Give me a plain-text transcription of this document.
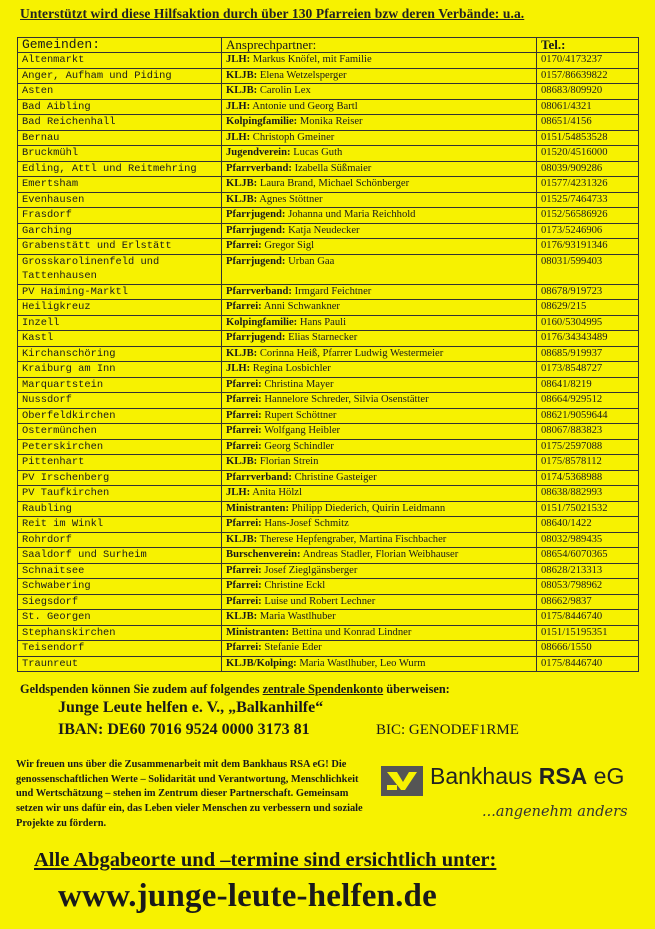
Unterstützt wird diese Hilfsaktion durch über 130 Pfarreien bzw deren Verbände: u.a.
Gemeinden:	Ansprechpartner:	Tel.:
Altenmarkt	JLH: Markus Knöfel, mit Familie	0170/4173237
Anger, Aufham und Piding	KLJB: Elena Wetzelsperger	0157/86639822
Asten	KLJB: Carolin Lex	08683/809920
Bad Aibling	JLH: Antonie und Georg Bartl	08061/4321
Bad Reichenhall	Kolpingfamilie: Monika Reiser	08651/4156
Bernau	JLH: Christoph Gmeiner	0151/54853528
Bruckmühl	Jugendverein: Lucas Guth	01520/4516000
Edling, Attl und Reitmehring	Pfarrverband: Izabella Süßmaier	08039/909286
Emertsham	KLJB: Laura Brand, Michael Schönberger	01577/4231326
Evenhausen	KLJB: Agnes Stöttner	01525/7464733
Frasdorf	Pfarrjugend: Johanna und Maria Reichhold	0152/56586926
Garching	Pfarrjugend: Katja Neudecker	0173/5246906
Grabenstätt und Erlstätt	Pfarrei: Gregor Sigl	0176/93191346
Grosskarolinenfeld und Tattenhausen	Pfarrjugend: Urban Gaa	08031/599403
PV Haiming-Marktl	Pfarrverband: Irmgard Feichtner	08678/919723
Heiligkreuz	Pfarrei: Anni Schwankner	08629/215
Inzell	Kolpingfamilie: Hans Pauli	0160/5304995
Kastl	Pfarrjugend: Elias Starnecker	0176/34343489
Kirchanschöring	KLJB: Corinna Heiß, Pfarrer Ludwig Westermeier	08685/919937
Kraiburg am Inn	JLH: Regina Losbichler	0173/8548727
Marquartstein	Pfarrei: Christina Mayer	08641/8219
Nussdorf	Pfarrei: Hannelore Schreder, Silvia Osenstätter	08664/929512
Oberfeldkirchen	Pfarrei: Rupert Schöttner	08621/9059644
Ostermünchen	Pfarrei: Wolfgang Heibler	08067/883823
Peterskirchen	Pfarrei: Georg Schindler	0175/2597088
Pittenhart	KLJB: Florian Strein	0175/8578112
PV Irschenberg	Pfarrverband: Christine Gasteiger	0174/5368988
PV Taufkirchen	JLH: Anita Hölzl	08638/882993
Raubling	Ministranten: Philipp Diederich, Quirin Leidmann	0151/75021532
Reit im Winkl	Pfarrei: Hans-Josef Schmitz	08640/1422
Rohrdorf	KLJB: Therese Hepfengraber, Martina Fischbacher	08032/989435
Saaldorf und Surheim	Burschenverein: Andreas Stadler, Florian Weibhauser	08654/6070365
Schnaitsee	Pfarrei: Josef Zieglgänsberger	08628/213313
Schwabering	Pfarrei: Christine Eckl	08053/798962
Siegsdorf	Pfarrei: Luise und Robert Lechner	08662/9837
St. Georgen	KLJB: Maria Wastlhuber	0175/8446740
Stephanskirchen	Ministranten: Bettina und Konrad Lindner	0151/15195351
Teisendorf	Pfarrei: Stefanie Eder	08666/1550
Traunreut	KLJB/Kolping: Maria Wastlhuber, Leo Wurm	0175/8446740
Geldspenden können Sie zudem auf folgendes zentrale Spendenkonto überweisen:
Junge Leute helfen e. V., „Balkanhilfe“
IBAN: DE60 7016 9524 0000 3173 81	BIC: GENODEF1RME
Wir freuen uns über die Zusammenarbeit mit dem Bankhaus RSA eG! Die genossenschaftlichen Werte – Solidarität und Verantwortung, Menschlichkeit und Wertschätzung – stehen im Zentrum dieser Partnerschaft. Gemeinsam setzen wir uns dafür ein, das Leben vieler Menschen zu verbessern und soziale Projekte zu fördern.
Bankhaus RSA eG
...angenehm anders
Alle Abgabeorte und –termine sind ersichtlich unter:
www.junge-leute-helfen.de
